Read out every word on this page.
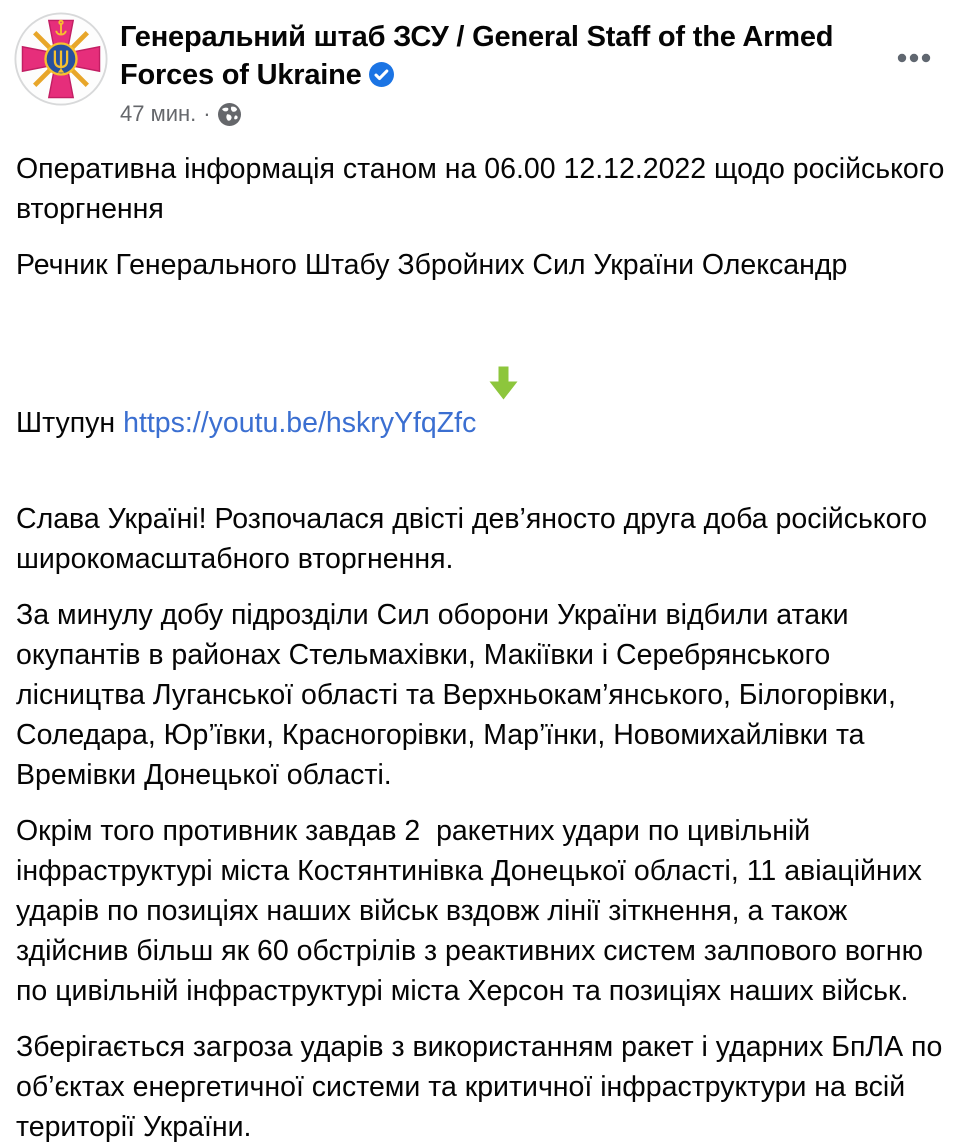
Генеральний штаб ЗСУ / General Staff of the Armed Forces of Ukraine
47 мин. ·

Оперативна інформація станом на 06.00 12.12.2022 щодо російського вторгнення

Речник Генерального Штабу Збройних Сил України Олександр Штупун https://youtu.be/hskryYfqZfc

Слава Україні! Розпочалася двісті дев’яносто друга доба російського широкомасштабного вторгнення.

За минулу добу підрозділи Сил оборони України відбили атаки окупантів в районах Стельмахівки, Макіївки і Серебрянського лісництва Луганської області та Верхньокам’янського, Білогорівки, Соледара, Юр’ївки, Красногорівки, Мар’їнки, Новомихайлівки та Времівки Донецької області.

Окрім того противник завдав 2  ракетних удари по цивільній інфраструктурі міста Костянтинівка Донецької області, 11 авіаційних ударів по позиціях наших військ вздовж лінії зіткнення, а також здійснив більш як 60 обстрілів з реактивних систем залпового вогню по цивільній інфраструктурі міста Херсон та позиціях наших військ.

Зберігається загроза ударів з використанням ракет і ударних БпЛА по об’єктах енергетичної системи та критичної інфраструктури на всій території України.
